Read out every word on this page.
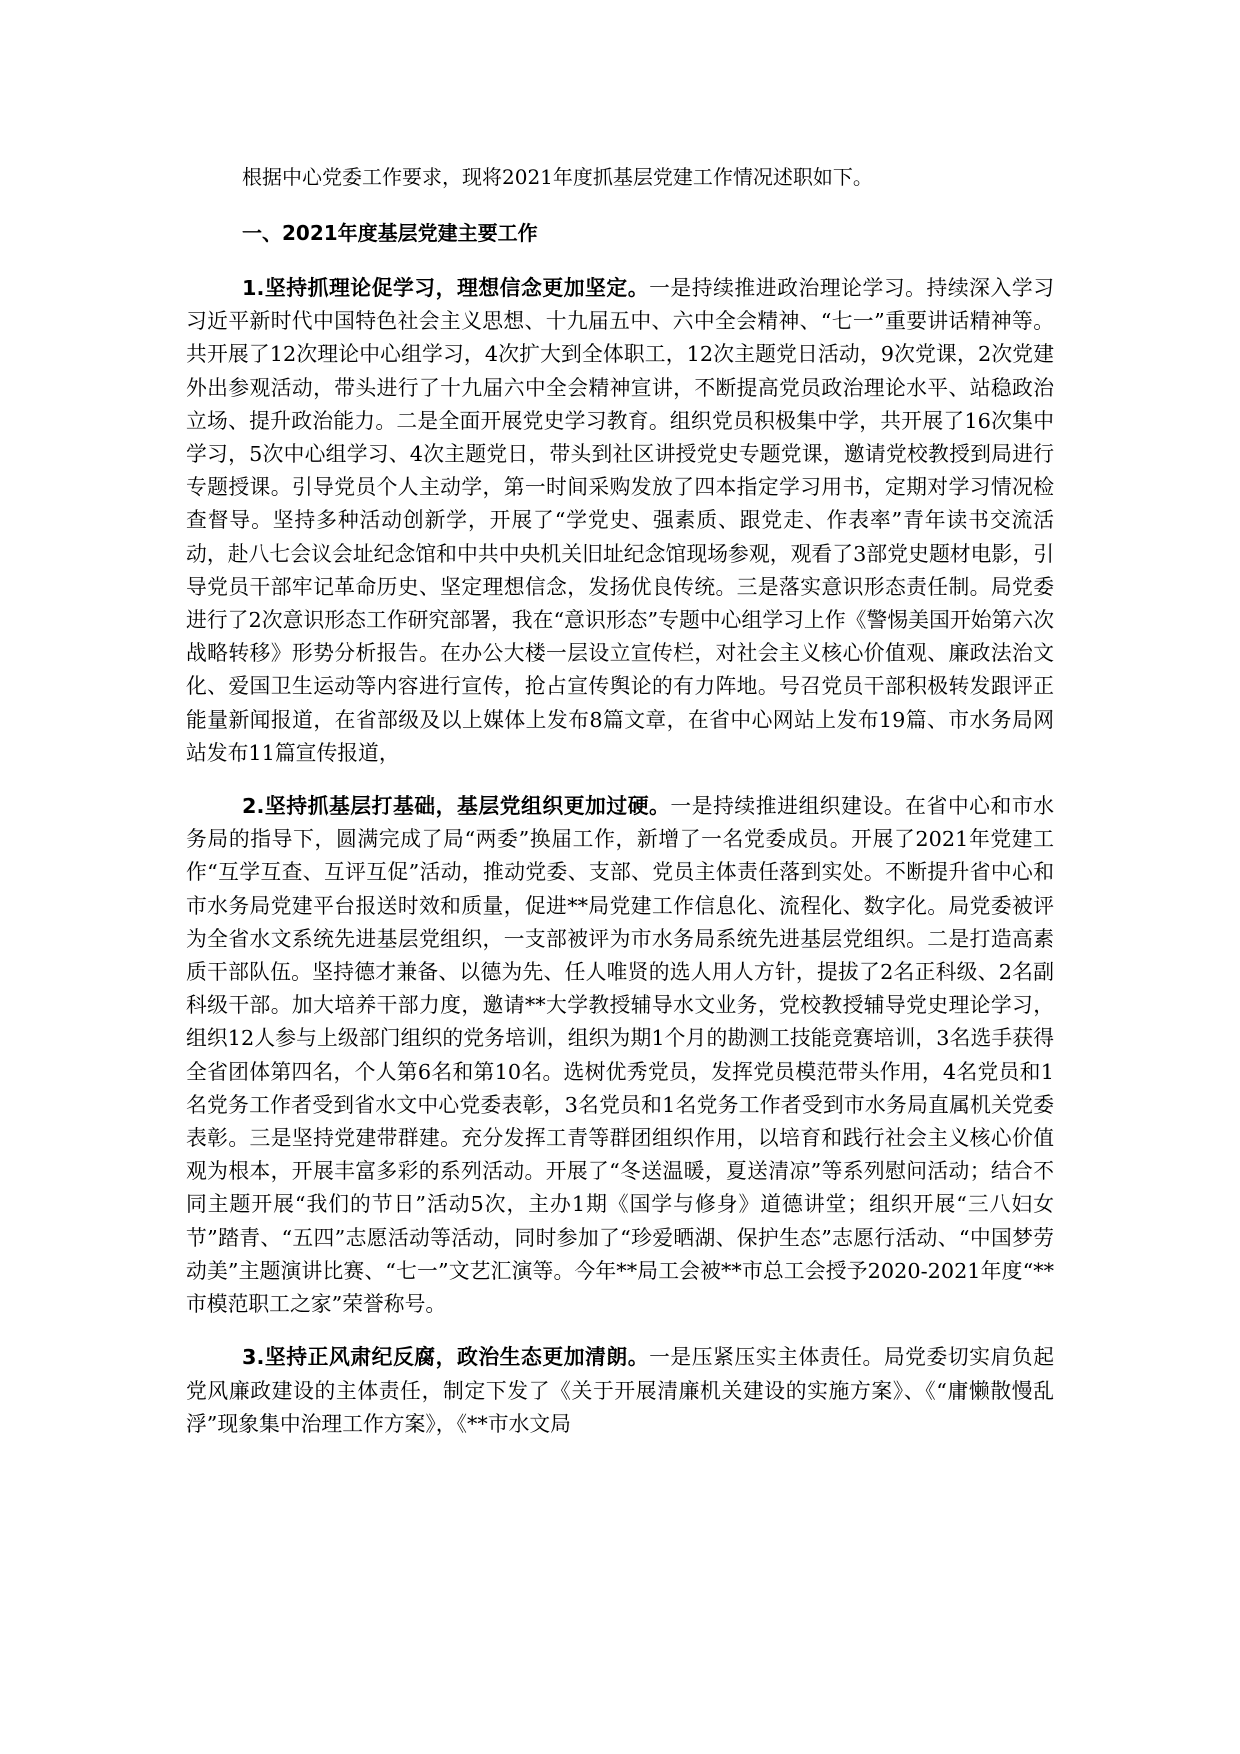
根据中心党委工作要求，现将2021年度抓基层党建工作情况述职如下。

一、2021年度基层党建主要工作

1.坚持抓理论促学习，理想信念更加坚定。一是持续推进政治理论学习。持续深入学习习近平新时代中国特色社会主义思想、十九届五中、六中全会精神、“七一”重要讲话精神等。共开展了12次理论中心组学习，4次扩大到全体职工，12次主题党日活动，9次党课，2次党建外出参观活动，带头进行了十九届六中全会精神宣讲，不断提高党员政治理论水平、站稳政治立场、提升政治能力。二是全面开展党史学习教育。组织党员积极集中学，共开展了16次集中学习，5次中心组学习、4次主题党日，带头到社区讲授党史专题党课，邀请党校教授到局进行专题授课。引导党员个人主动学，第一时间采购发放了四本指定学习用书，定期对学习情况检查督导。坚持多种活动创新学，开展了“学党史、强素质、跟党走、作表率”青年读书交流活动，赴八七会议会址纪念馆和中共中央机关旧址纪念馆现场参观，观看了3部党史题材电影，引导党员干部牢记革命历史、坚定理想信念，发扬优良传统。三是落实意识形态责任制。局党委进行了2次意识形态工作研究部署，我在“意识形态”专题中心组学习上作《警惕美国开始第六次战略转移》形势分析报告。在办公大楼一层设立宣传栏，对社会主义核心价值观、廉政法治文化、爱国卫生运动等内容进行宣传，抢占宣传舆论的有力阵地。号召党员干部积极转发跟评正能量新闻报道，在省部级及以上媒体上发布8篇文章，在省中心网站上发布19篇、市水务局网站发布11篇宣传报道，

2.坚持抓基层打基础，基层党组织更加过硬。一是持续推进组织建设。在省中心和市水务局的指导下，圆满完成了局“两委”换届工作，新增了一名党委成员。开展了2021年党建工作“互学互查、互评互促”活动，推动党委、支部、党员主体责任落到实处。不断提升省中心和市水务局党建平台报送时效和质量，促进**局党建工作信息化、流程化、数字化。局党委被评为全省水文系统先进基层党组织，一支部被评为市水务局系统先进基层党组织。二是打造高素质干部队伍。坚持德才兼备、以德为先、任人唯贤的选人用人方针，提拔了2名正科级、2名副科级干部。加大培养干部力度，邀请**大学教授辅导水文业务，党校教授辅导党史理论学习，组织12人参与上级部门组织的党务培训，组织为期1个月的勘测工技能竞赛培训，3名选手获得全省团体第四名，个人第6名和第10名。选树优秀党员，发挥党员模范带头作用，4名党员和1名党务工作者受到省水文中心党委表彰，3名党员和1名党务工作者受到市水务局直属机关党委表彰。三是坚持党建带群建。充分发挥工青等群团组织作用，以培育和践行社会主义核心价值观为根本，开展丰富多彩的系列活动。开展了“冬送温暖，夏送清凉”等系列慰问活动；结合不同主题开展“我们的节日”活动5次，主办1期《国学与修身》道德讲堂；组织开展“三八妇女节”踏青、“五四”志愿活动等活动，同时参加了“珍爱晒湖、保护生态”志愿行活动、“中国梦劳动美”主题演讲比赛、“七一”文艺汇演等。今年**局工会被**市总工会授予2020-2021年度“**市模范职工之家”荣誉称号。

3.坚持正风肃纪反腐，政治生态更加清朗。一是压紧压实主体责任。局党委切实肩负起党风廉政建设的主体责任，制定下发了《关于开展清廉机关建设的实施方案》、《“庸懒散慢乱浮”现象集中治理工作方案》，《**市水文局
